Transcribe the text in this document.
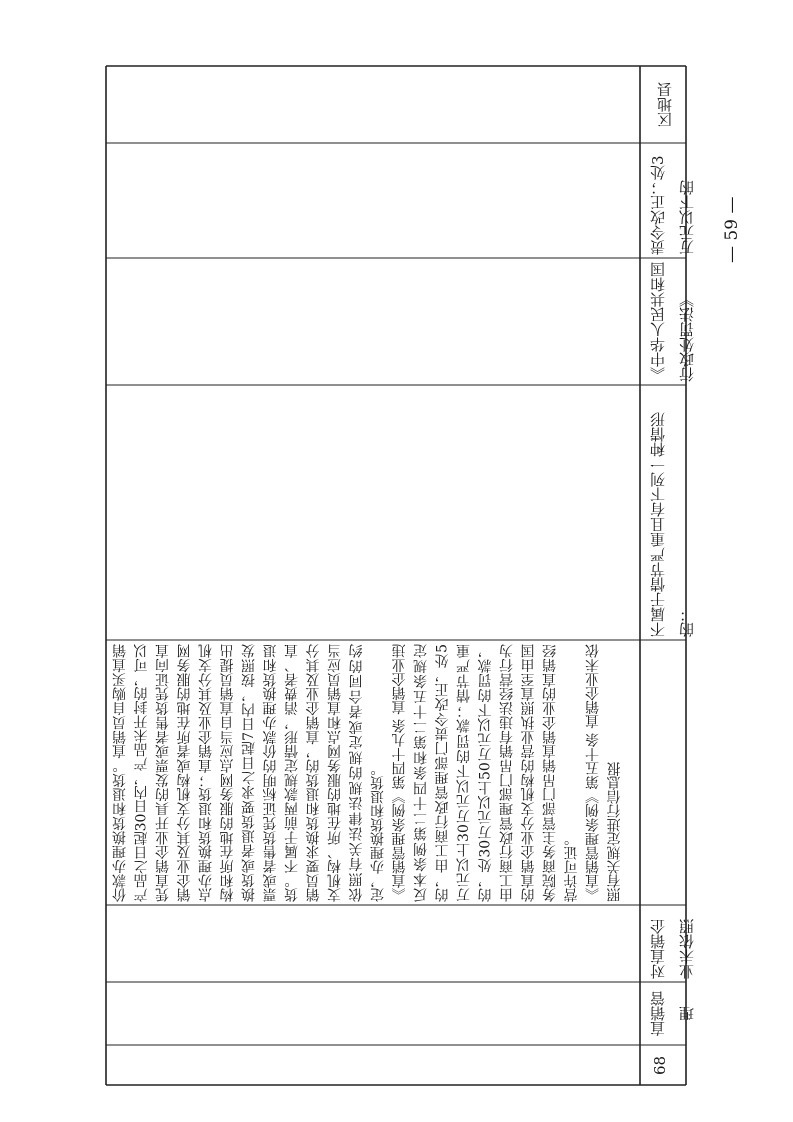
68
直销管理
对直销企业未依照
价款办理换货和退货。直销员自购买直销产品之日起30日内，产品未开封的，可以凭直销企业开具的发票或者售货凭证向直销企业及其分支机构或者所在地的服务网点办理换货和退货；直销企业及其分支机构和所在地的服务网点应当自直销员提出换货或者退货要求之日起7日内，按照发票或者售货凭证标明的价款办理换货和退货。不属于前两款规定情形，消费者、直销员要求换货和退货的，直销企业及其分支机构、所在地的服务网点和直销员应当依照有关法律法规的规定或者合同的约定，办理换货和退货。 《直销管理条例》第四十九条 直销企业违反本条例第二十四条和第二十五条规定的，由工商行政管理部门责令改正，处5万元以上30万元以下的罚款；情节严重的，处30万元以上50万元以下的罚款，由工商行政管理部门吊销有违法经营行为的直销企业分支机构的营业执照直至由国务院商务主管部门吊销直销企业的直销经营许可证。 《直销管理条例》第五十条 直销企业未依照有关规定进行信息报
不属于情节严重且有下列一种情形的：
《中华人民共和国行政处罚法》
责令改正；处3万元以下的
区地县
— 59 —
